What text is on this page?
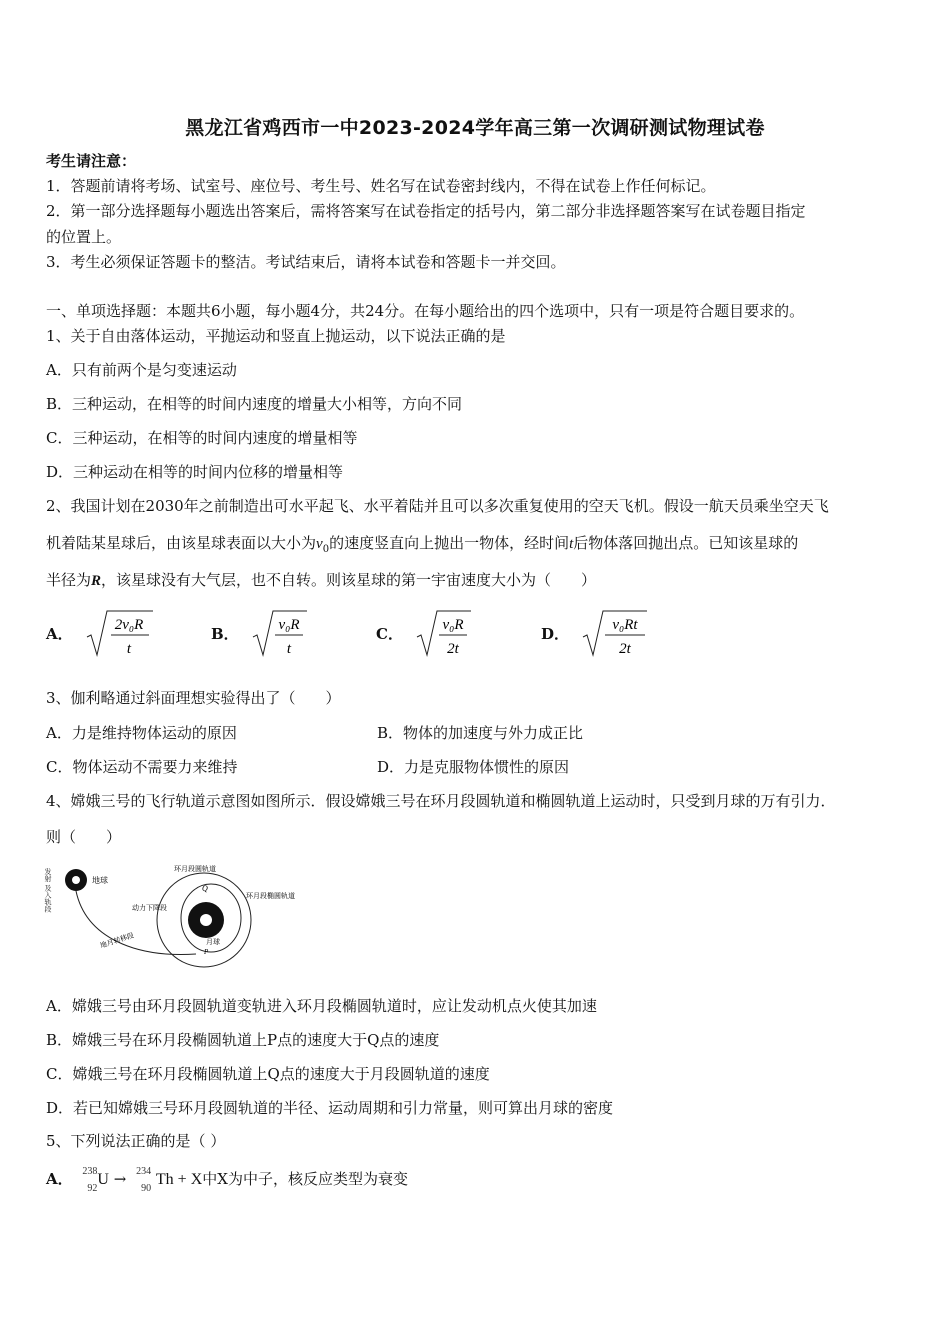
黑龙江省鸡西市一中2023-2024学年高三第一次调研测试物理试卷
考生请注意：
1．答题前请将考场、试室号、座位号、考生号、姓名写在试卷密封线内，不得在试卷上作任何标记。
2．第一部分选择题每小题选出答案后，需将答案写在试卷指定的括号内，第二部分非选择题答案写在试卷题目指定
的位置上。
3．考生必须保证答题卡的整洁。考试结束后，请将本试卷和答题卡一并交回。
一、单项选择题：本题共6小题，每小题4分，共24分。在每小题给出的四个选项中，只有一项是符合题目要求的。
1、关于自由落体运动，平抛运动和竖直上抛运动，以下说法正确的是
A．只有前两个是匀变速运动
B．三种运动，在相等的时间内速度的增量大小相等，方向不同
C．三种运动，在相等的时间内速度的增量相等
D．三种运动在相等的时间内位移的增量相等
2、我国计划在2030年之前制造出可水平起飞、水平着陆并且可以多次重复使用的空天飞机。假设一航天员乘坐空天飞
机着陆某星球后，由该星球表面以大小为$v_0$的速度竖直向上抛出一物体，经时间t后物体落回抛出点。已知该星球的
半径为R，该星球没有大气层，也不自转。则该星球的第一宇宙速度大小为（　　）
A．	2v₀R
t
B．	v₀R
t
C．	v₀R
2t
D．	v₀Rt
2t
3、伽利略通过斜面理想实验得出了（　　）
A．力是维持物体运动的原因	B．物体的加速度与外力成正比
C．物体运动不需要力来维持	D．力是克服物体惯性的原因
4、嫦娥三号的飞行轨道示意图如图所示．假设嫦娥三号在环月段圆轨道和椭圆轨道上运动时，只受到月球的万有引力．
则（　　）
发射 及入轨段	地球
地月转移段
环月段圆轨道
环月段椭圆轨道
动力下降段
月球
Q
P
A．嫦娥三号由环月段圆轨道变轨进入环月段椭圆轨道时，应让发动机点火使其加速
B．嫦娥三号在环月段椭圆轨道上P点的速度大于Q点的速度
C．嫦娥三号在环月段椭圆轨道上Q点的速度大于月段圆轨道的速度
D．若已知嫦娥三号环月段圆轨道的半径、运动周期和引力常量，则可算出月球的密度
5、下列说法正确的是（ ）
A． 238
92
U → 234
90
Th + X中X为中子，核反应类型为衰变
